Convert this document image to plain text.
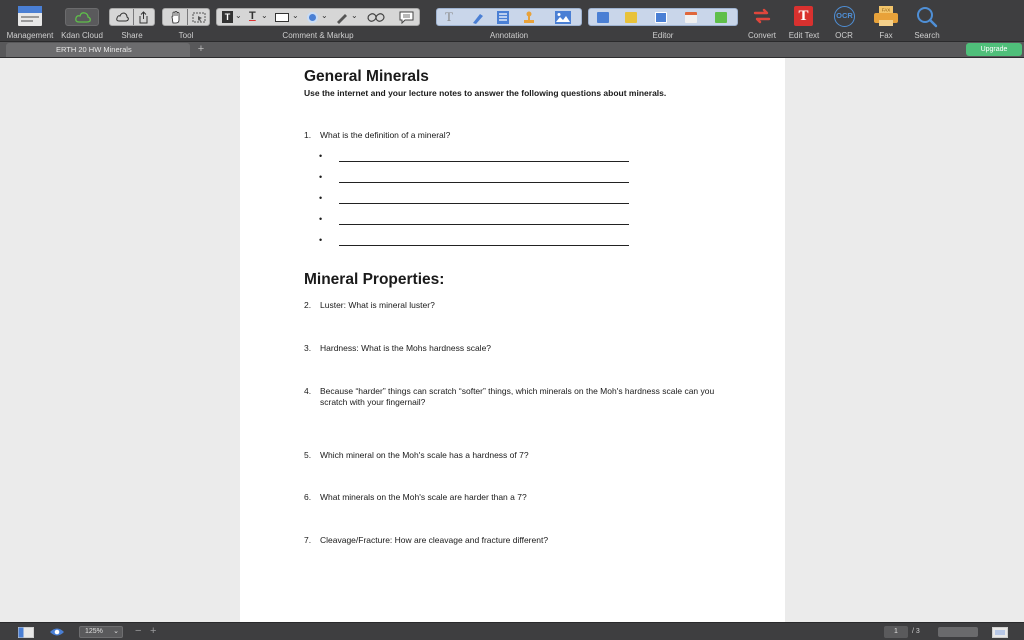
Management Kdan Cloud	Share	Tool
T ⌄ T ⌄	⌄	⌄	⌄
Comment & Markup
T
Annotation	Editor	Convert
T
Edit Text
OCR
OCR
FAX
Fax	Search
ERTH 20 HW Minerals	+	Upgrade
General Minerals
Use the internet and your lecture notes to answer the following questions about minerals.
1. What is the definition of a mineral?
•
•
•
•
•
Mineral Properties:
2. Luster: What is mineral luster?
3. Hardness: What is the Mohs hardness scale?
4. Because “harder” things can scratch “softer” things, which minerals on the Moh's hardness scale can you scratch with your fingernail?
5. Which mineral on the Moh's scale has a hardness of 7?
6. What minerals on the Moh's scale are harder than a 7?
7. Cleavage/Fracture: How are cleavage and fracture different?
125% ⌄ − +	1	/ 3
